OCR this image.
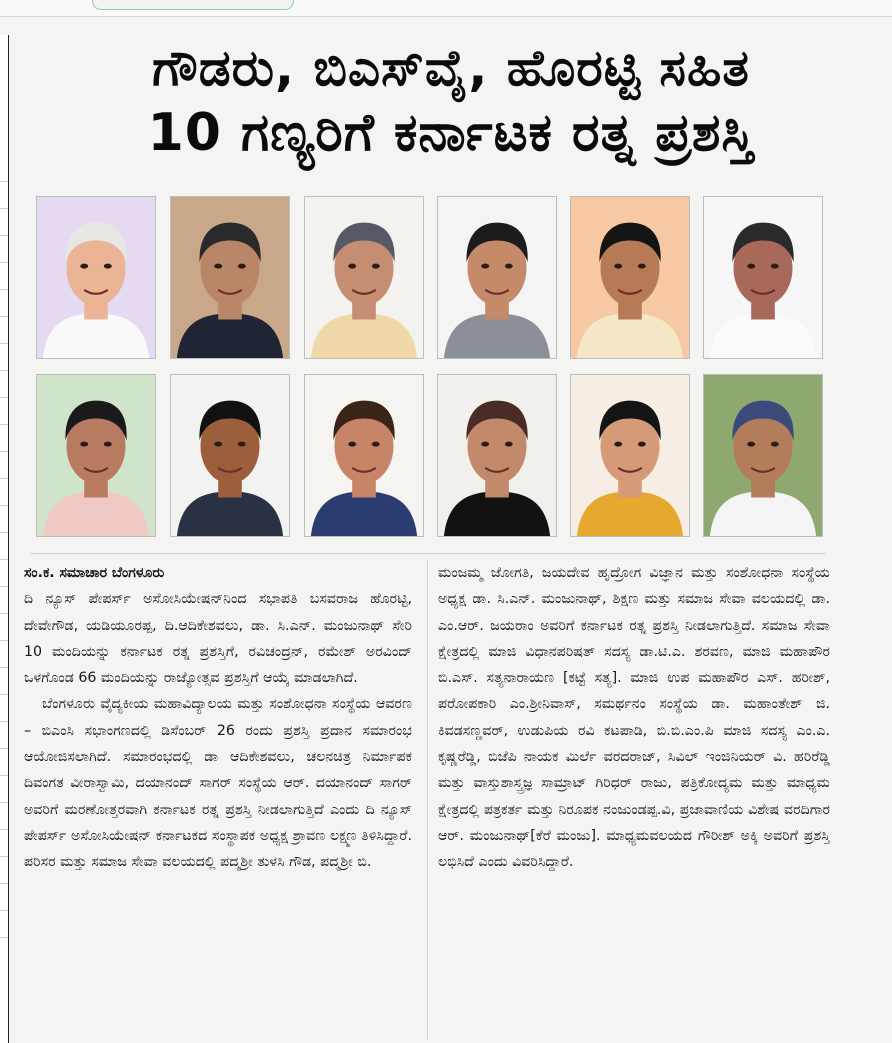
ಗೌಡರು, ಬಿಎಸ್‌ವೈ, ಹೊರಟ್ಟಿ ಸಹಿತ
10 ಗಣ್ಯರಿಗೆ ಕರ್ನಾಟಕ ರತ್ನ ಪ್ರಶಸ್ತಿ

ಸಂ.ಕ. ಸಮಾಚಾರ ಬೆಂಗಳೂರು

ದಿ ನ್ಯೂಸ್ ಪೇಪರ್ಸ್ ಅಸೋಸಿಯೇಷನ್‌ನಿಂದ ಸಭಾಪತಿ ಬಸವರಾಜ ಹೊರಟ್ಟಿ, ದೇವೇಗೌಡ, ಯಡಿಯೂರಪ್ಪ, ದಿ.ಆದಿಕೇಶವಲು, ಡಾ. ಸಿ.ಎನ್. ಮಂಜುನಾಥ್ ಸೇರಿ 10 ಮಂದಿಯನ್ನು ಕರ್ನಾಟಕ ರತ್ನ ಪ್ರಶಸ್ತಿಗೆ, ರವಿಚಂದ್ರನ್, ರಮೇಶ್ ಅರವಿಂದ್ ಒಳಗೊಂಡ 66 ಮಂದಿಯನ್ನು ರಾಜ್ಯೋತ್ಸವ ಪ್ರಶಸ್ತಿಗೆ ಆಯ್ಕೆ ಮಾಡಲಾಗಿದೆ.

ಬೆಂಗಳೂರು ವೈದ್ಯಕೀಯ ಮಹಾವಿದ್ಯಾಲಯ ಮತ್ತು ಸಂಶೋಧನಾ ಸಂಸ್ಥೆಯ ಆವರಣ – ಬಿಎಂಸಿ ಸಭಾಂಗಣದಲ್ಲಿ ಡಿಸೆಂಬರ್ 26 ರಂದು ಪ್ರಶಸ್ತಿ ಪ್ರದಾನ ಸಮಾರಂಭ ಆಯೋಜಿಸಲಾಗಿದೆ. ಸಮಾರಂಭದಲ್ಲಿ ಡಾ ಆದಿಕೇಶವಲು, ಚಲನಚಿತ್ರ ನಿರ್ಮಾಪಕ ದಿವಂಗತ ವೀರಾಸ್ವಾಮಿ, ದಯಾನಂದ್ ಸಾಗರ್ ಸಂಸ್ಥೆಯ ಆರ್. ದಯಾನಂದ್ ಸಾಗರ್ ಅವರಿಗೆ ಮರಣೋತ್ತರವಾಗಿ ಕರ್ನಾಟಕ ರತ್ನ ಪ್ರಶಸ್ತಿ ನೀಡಲಾಗುತ್ತಿದೆ ಎಂದು ದಿ ನ್ಯೂಸ್ ಪೇಪರ್ಸ್ ಅಸೋಸಿಯೇಷನ್ ಕರ್ನಾಟಕದ ಸಂಸ್ಥಾಪಕ ಅಧ್ಯಕ್ಷ ಶ್ರಾವಣ ಲಕ್ಷ್ಮಣ ತಿಳಿಸಿದ್ದಾರೆ. ಪರಿಸರ ಮತ್ತು ಸಮಾಜ ಸೇವಾ ವಲಯದಲ್ಲಿ ಪದ್ಮಶ್ರೀ ತುಳಸಿ ಗೌಡ, ಪದ್ಮಶ್ರೀ ಬಿ.

ಮಂಜಮ್ಮ ಜೋಗತಿ, ಜಯದೇವ ಹೃದ್ರೋಗ ವಿಜ್ಞಾನ ಮತ್ತು ಸಂಶೋಧನಾ ಸಂಸ್ಥೆಯ ಅಧ್ಯಕ್ಷ ಡಾ. ಸಿ.ಎನ್. ಮಂಜುನಾಥ್, ಶಿಕ್ಷಣ ಮತ್ತು ಸಮಾಜ ಸೇವಾ ವಲಯದಲ್ಲಿ ಡಾ. ಎಂ.ಆರ್. ಜಯರಾಂ ಅವರಿಗೆ ಕರ್ನಾಟಕ ರತ್ನ ಪ್ರಶಸ್ತಿ ನೀಡಲಾಗುತ್ತಿದೆ. ಸಮಾಜ ಸೇವಾ ಕ್ಷೇತ್ರದಲ್ಲಿ ಮಾಜಿ ವಿಧಾನಪರಿಷತ್ ಸದಸ್ಯ ಡಾ.ಟಿ.ಎ. ಶರವಣ, ಮಾಜಿ ಮಹಾಪೌರ ಬಿ.ಎಸ್. ಸತ್ಯನಾರಾಯಣ [ಕಟ್ಟೆ ಸತ್ಯ]. ಮಾಜಿ ಉಪ ಮಹಾಪೌರ ಎಸ್. ಹರೀಶ್, ಪರೋಪಕಾರಿ ಎಂ.ಶ್ರೀನಿವಾಸ್, ಸಮರ್ಥನಂ ಸಂಸ್ಥೆಯ ಡಾ. ಮಹಾಂತೇಶ್ ಜಿ. ಕಿವಡಸಣ್ಣವರ್, ಉಡುಪಿಯ ರವಿ ಕಟಪಾಡಿ, ಬಿ.ಬಿ.ಎಂ.ಪಿ ಮಾಜಿ ಸದಸ್ಯ ಎಂ.ಎ. ಕೃಷ್ಣರೆಡ್ಡಿ, ಬಿಜೆಪಿ ನಾಯಕ ಮಿರ್ಲೆ ವರದರಾಜ್, ಸಿವಿಲ್ ಇಂಜಿನಿಯರ್ ವಿ. ಹರಿರೆಡ್ಡಿ ಮತ್ತು ವಾಸ್ತುಶಾಸ್ತ್ರಜ್ಞ ಸಾಮ್ರಾಟ್ ಗಿರಿಧರ್ ರಾಜು, ಪತ್ರಿಕೋದ್ಯಮ ಮತ್ತು ಮಾಧ್ಯಮ ಕ್ಷೇತ್ರದಲ್ಲಿ ಪತ್ರಕರ್ತ ಮತ್ತು ನಿರೂಪಕ ನಂಜುಂಡಪ್ಪ.ವಿ, ಪ್ರಜಾವಾಣಿಯ ವಿಶೇಷ ವರದಿಗಾರ ಆರ್. ಮಂಜುನಾಥ್[ಕೆರೆ ಮಂಜು]. ಮಾಧ್ಯಮವಲಯದ ಗೌರೀಶ್ ಅಕ್ಕಿ ಅವರಿಗೆ ಪ್ರಶಸ್ತಿ ಲಭಿಸಿದೆ ಎಂದು ವಿವರಿಸಿದ್ದಾರೆ.
